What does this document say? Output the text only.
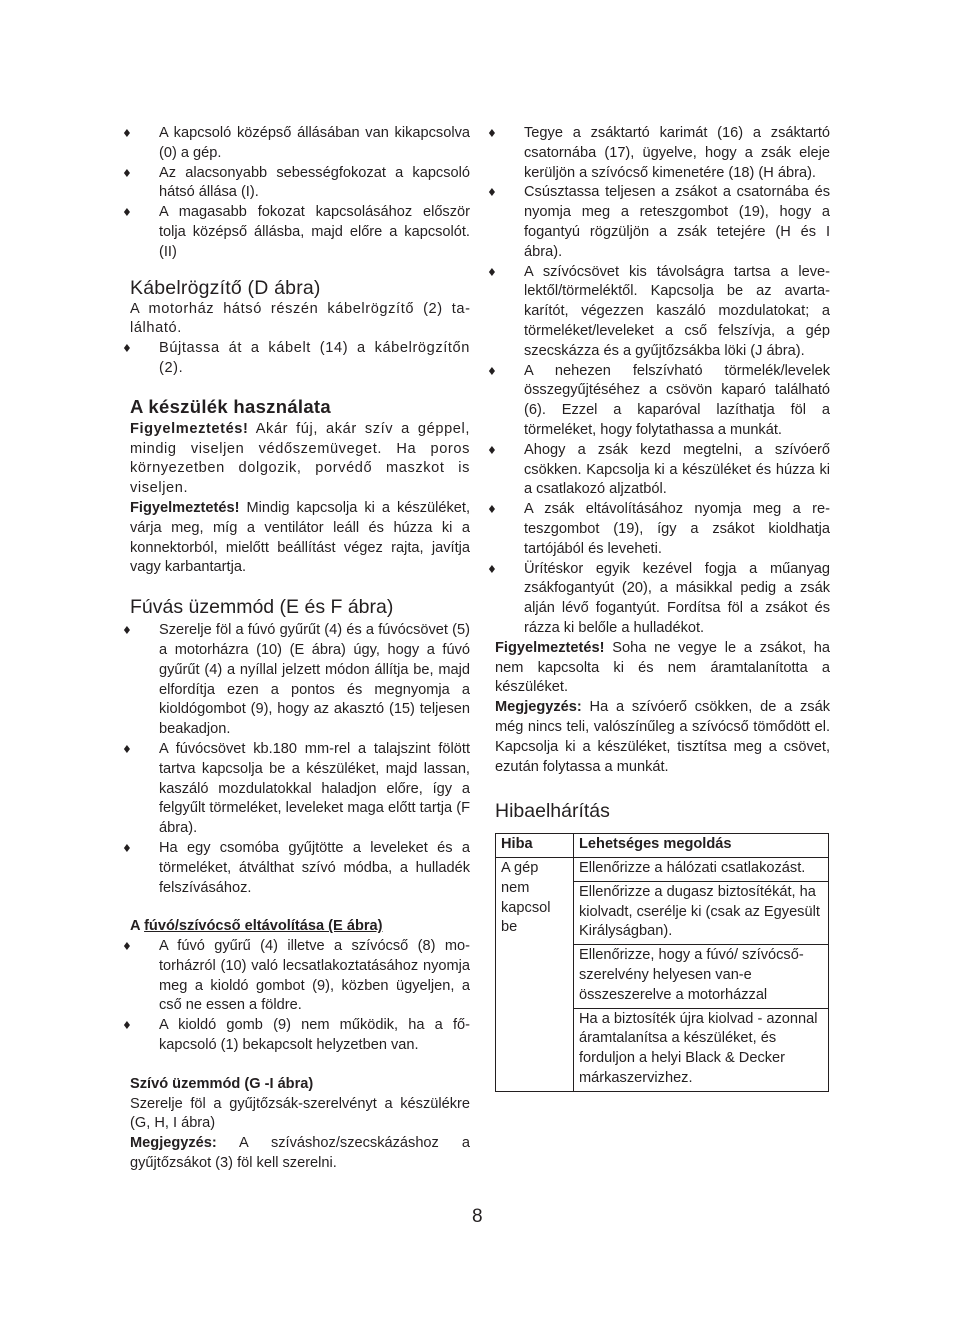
♦ A kapcsoló középső állásában van kikapcsolva (0) a gép.
♦ Az alacsonyabb sebességfokozat a kapcsoló hátsó állása (I).
♦ A magasabb fokozat kapcsolásához először tolja középső állásba, majd előre a kapcsolót. (II)
Kábelrögzítő (D ábra)

A motorház hátsó részén kábelrögzítő (2) található.

♦ Bújtassa át a kábelt (14) a kábelrögzítőn (2).
A készülék használata

Figyelmeztetés! Akár fúj, akár szív a géppel, mindig viseljen védőszemüveget. Ha poros környezetben dolgozik, porvédő maszkot is viseljen.

Figyelmeztetés! Mindig kapcsolja ki a készüléket, várja meg, míg a ventilátor leáll és húzza ki a konnektorból, mielőtt beállítást végez rajta, javítja vagy karbantartja.

Fúvás üzemmód (E és F ábra)
♦ Szerelje föl a fúvó gyűrűt (4) és a fúvócsövet (5) a motorházra (10) (E ábra) úgy, hogy a fúvó gyűrűt (4) a nyíllal jelzett módon állítja be, majd elfordítja ezen a pontos és megnyomja a kioldógombot (9), hogy az akasztó (15) teljesen beakadjon.
♦ A fúvócsövet kb.180 mm-rel a talajszint fölött tartva kapcsolja be a készüléket, majd lassan, kaszáló mozdulatokkal haladjon előre, így a felgyűlt törmeléket, leveleket maga előtt tartja (F ábra).
♦ Ha egy csomóba gyűjtötte a leveleket és a törmeléket, átválthat szívó módba, a hulladék felszívásához.
A fúvó/szívócső eltávolítása (E ábra)
♦ A fúvó gyűrű (4) illetve a szívócső (8) motorházról (10) való lecsatlakoztatásához nyomja meg a kioldó gombot (9), közben ügyeljen, a cső ne essen a földre.
♦ A kioldó gomb (9) nem működik, ha a főkapcsoló (1) bekapcsolt helyzetben van.
Szívó üzemmód (G -I ábra)

Szerelje föl a gyűjtőzsák-szerelvényt a készülékre (G, H, I ábra)

Megjegyzés: A szíváshoz/szecskázáshoz a gyűjtőzsákot (3) föl kell szerelni.

♦ Tegye a zsáktartó karimát (16) a zsáktartó csatornába (17), ügyelve, hogy a zsák eleje kerüljön a szívócső kimenetére (18) (H ábra).
♦ Csúsztassa teljesen a zsákot a csatornába és nyomja meg a reteszgombot (19), hogy a fogantyú rögzüljön a zsák tetejére (H és I ábra).
♦ A szívócsövet kis távolságra tartsa a levelektől/törmeléktől. Kapcsolja be az avartakarítót, végezzen kaszáló mozdulatokat; a törmeléket/leveleket a cső felszívja, a gép szecskázza és a gyűjtőzsákba löki (J ábra).
♦ A nehezen felszívható törmelék/levelek összegyűjtéséhez a csövön kaparó található (6). Ezzel a kaparóval lazíthatja föl a törmeléket, hogy folytathassa a munkát.
♦ Ahogy a zsák kezd megtelni, a szívóerő csökken. Kapcsolja ki a készüléket és húzza ki a csatlakozó aljzatból.
♦ A zsák eltávolításához nyomja meg a reteszgombot (19), így a zsákot kioldhatja tartójából és leveheti.
♦ Ürítéskor egyik kezével fogja a műanyag zsákfogantyút (20), a másikkal pedig a zsák alján lévő fogantyút. Fordítsa föl a zsákot és rázza ki belőle a hulladékot.

Figyelmeztetés! Soha ne vegye le a zsákot, ha nem kapcsolta ki és nem áramtalanította a készüléket.

Megjegyzés: Ha a szívóerő csökken, de a zsák még nincs teli, valószínűleg a szívócső tömődött el. Kapcsolja ki a készüléket, tisztítsa meg a csövet, ezután folytassa a munkát.

Hibaelhárítás
Hiba	Lehetséges megoldás
A gép nem kapcsol be	Ellenőrizze a hálózati csatlakozást.
	Ellenőrizze a dugasz biztosítékát, ha kiolvadt, cserélje ki (csak az Egyesült Királyságban).
	Ellenőrizze, hogy a fúvó/ szívócső-szerelvény helyesen van-e összeszerelve a motorházzal
	Ha a biztosíték újra kiolvad - azonnal áramtalanítsa a készüléket, és forduljon a helyi Black & Decker márkaszervizhez.
8
